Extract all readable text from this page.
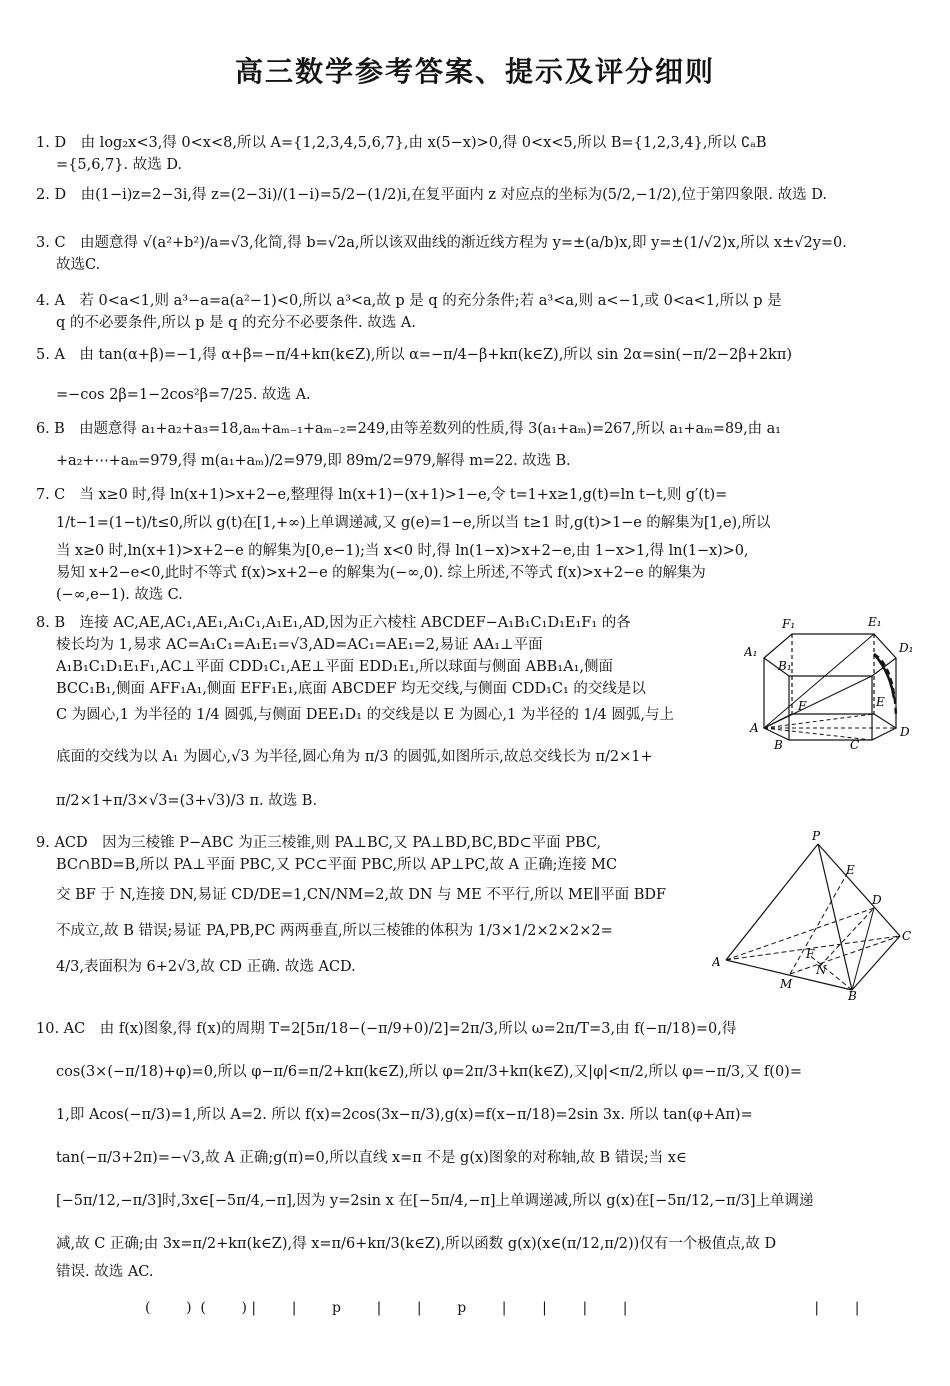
高三数学参考答案、提示及评分细则
1. D　由 log₂x<3,得 0<x<8,所以 A={1,2,3,4,5,6,7},由 x(5−x)>0,得 0<x<5,所以 B={1,2,3,4},所以 ∁ₐB
={5,6,7}. 故选 D.
2. D　由(1−i)z=2−3i,得 z=(2−3i)/(1−i)=5/2−(1/2)i,在复平面内 z 对应点的坐标为(5/2,−1/2),位于第四象限. 故选 D.
3. C　由题意得 √(a²+b²)/a=√3,化简,得 b=√2a,所以该双曲线的渐近线方程为 y=±(a/b)x,即 y=±(1/√2)x,所以 x±√2y=0.
故选C.
4. A　若 0<a<1,则 a³−a=a(a²−1)<0,所以 a³<a,故 p 是 q 的充分条件;若 a³<a,则 a<−1,或 0<a<1,所以 p 是
q 的不必要条件,所以 p 是 q 的充分不必要条件. 故选 A.
5. A　由 tan(α+β)=−1,得 α+β=−π/4+kπ(k∈Z),所以 α=−π/4−β+kπ(k∈Z),所以 sin 2α=sin(−π/2−2β+2kπ)
=−cos 2β=1−2cos²β=7/25. 故选 A.
6. B　由题意得 a₁+a₂+a₃=18,aₘ+aₘ₋₁+aₘ₋₂=249,由等差数列的性质,得 3(a₁+aₘ)=267,所以 a₁+aₘ=89,由 a₁
+a₂+⋯+aₘ=979,得 m(a₁+aₘ)/2=979,即 89m/2=979,解得 m=22. 故选 B.
7. C　当 x≥0 时,得 ln(x+1)>x+2−e,整理得 ln(x+1)−(x+1)>1−e,令 t=1+x≥1,g(t)=ln t−t,则 g′(t)=
1/t−1=(1−t)/t≤0,所以 g(t)在[1,+∞)上单调递减,又 g(e)=1−e,所以当 t≥1 时,g(t)>1−e 的解集为[1,e),所以
当 x≥0 时,ln(x+1)>x+2−e 的解集为[0,e−1);当 x<0 时,得 ln(1−x)>x+2−e,由 1−x>1,得 ln(1−x)>0,
易知 x+2−e<0,此时不等式 f(x)>x+2−e 的解集为(−∞,0). 综上所述,不等式 f(x)>x+2−e 的解集为
(−∞,e−1). 故选 C.
8. B　连接 AC,AE,AC₁,AE₁,A₁C₁,A₁E₁,AD,因为正六棱柱 ABCDEF−A₁B₁C₁D₁E₁F₁ 的各
棱长均为 1,易求 AC=A₁C₁=A₁E₁=√3,AD=AC₁=AE₁=2,易证 AA₁⊥平面
A₁B₁C₁D₁E₁F₁,AC⊥平面 CDD₁C₁,AE⊥平面 EDD₁E₁,所以球面与侧面 ABB₁A₁,侧面
BCC₁B₁,侧面 AFF₁A₁,侧面 EFF₁E₁,底面 ABCDEF 均无交线,与侧面 CDD₁C₁ 的交线是以
C 为圆心,1 为半径的 1/4 圆弧,与侧面 DEE₁D₁ 的交线是以 E 为圆心,1 为半径的 1/4 圆弧,与上
底面的交线为以 A₁ 为圆心,√3 为半径,圆心角为 π/3 的圆弧,如图所示,故总交线长为 π/2×1+
π/2×1+π/3×√3=(3+√3)/3 π. 故选 B.
F₁	E₁
D₁
B₁
A₁
F	E
D
A
B	C
9. ACD　因为三棱锥 P−ABC 为正三棱锥,则 PA⊥BC,又 PA⊥BD,BC,BD⊂平面 PBC,
BC∩BD=B,所以 PA⊥平面 PBC,又 PC⊂平面 PBC,所以 AP⊥PC,故 A 正确;连接 MC
交 BF 于 N,连接 DN,易证 CD/DE=1,CN/NM=2,故 DN 与 ME 不平行,所以 ME∥平面 BDF
不成立,故 B 错误;易证 PA,PB,PC 两两垂直,所以三棱锥的体积为 1/3×1/2×2×2×2=
4/3,表面积为 6+2√3,故 CD 正确. 故选 ACD.
P
E
D
C
A
F
N
M
B
10. AC　由 f(x)图象,得 f(x)的周期 T=2[5π/18−(−π/9+0)/2]=2π/3,所以 ω=2π/T=3,由 f(−π/18)=0,得
cos(3×(−π/18)+φ)=0,所以 φ−π/6=π/2+kπ(k∈Z),所以 φ=2π/3+kπ(k∈Z),又|φ|<π/2,所以 φ=−π/3,又 f(0)=
1,即 Acos(−π/3)=1,所以 A=2. 所以 f(x)=2cos(3x−π/3),g(x)=f(x−π/18)=2sin 3x. 所以 tan(φ+Aπ)=
tan(−π/3+2π)=−√3,故 A 正确;g(π)=0,所以直线 x=π 不是 g(x)图象的对称轴,故 B 错误;当 x∈
[−5π/12,−π/3]时,3x∈[−5π/4,−π],因为 y=2sin x 在[−5π/4,−π]上单调递减,所以 g(x)在[−5π/12,−π/3]上单调递
减,故 C 正确;由 3x=π/2+kπ(k∈Z),得 x=π/6+kπ/3(k∈Z),所以函数 g(x)(x∈(π/12,π/2))仅有一个极值点,故 D
错误. 故选 AC.
(        )  (        ) |        |        p        |        |        p        |        |        |        |                                          |        |
